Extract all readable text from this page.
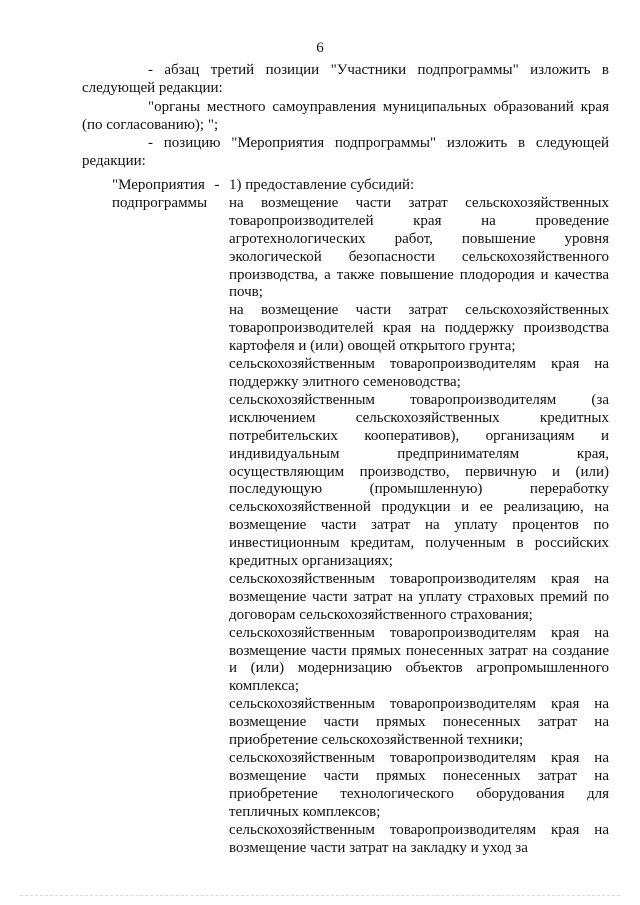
6

- абзац третий позиции "Участники подпрограммы" изложить в следующей редакции:

"органы местного самоуправления муниципальных образований края (по согласованию); ";

- позицию "Мероприятия подпрограммы" изложить в следующей редакции:

"Мероприятия подпрограммы
- 1) предоставление субсидий:

на возмещение части затрат сельскохозяйственных товаропроизводителей края на проведение агротехнологических работ, повышение уровня экологической безопасности сельскохозяйственного производства, а также повышение плодородия и качества почв;

на возмещение части затрат сельскохозяйственных товаропроизводителей края на поддержку производства картофеля и (или) овощей открытого грунта;

сельскохозяйственным товаропроизводителям края на поддержку элитного семеноводства;

сельскохозяйственным товаропроизводителям (за исключением сельскохозяйственных кредитных потребительских кооперативов), организациям и индивидуальным предпринимателям края, осуществляющим производство, первичную и (или) последующую (промышленную) переработку сельскохозяйственной продукции и ее реализацию, на возмещение части затрат на уплату процентов по инвестиционным кредитам, полученным в российских кредитных организациях;

сельскохозяйственным товаропроизводителям края на возмещение части затрат на уплату страховых премий по договорам сельскохозяйственного страхования;

сельскохозяйственным товаропроизводителям края на возмещение части прямых понесенных затрат на создание и (или) модернизацию объектов агропромышленного комплекса;

сельскохозяйственным товаропроизводителям края на возмещение части прямых понесенных затрат на приобретение сельскохозяйственной техники;

сельскохозяйственным товаропроизводителям края на возмещение части прямых понесенных затрат на приобретение технологического оборудования для тепличных комплексов;

сельскохозяйственным товаропроизводителям края на возмещение части затрат на закладку и уход за
